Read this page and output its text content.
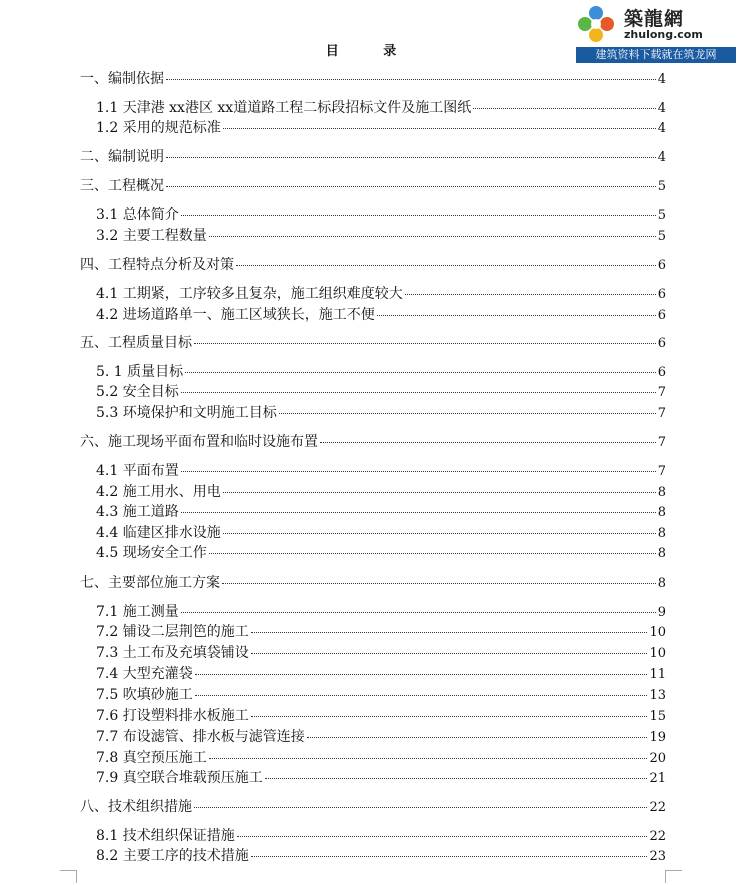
築龍網
zhulong.com
建筑资料下载就在筑龙网
目 录
一、编制依据	4
1.1 天津港 xx港区 xx道道路工程二标段招标文件及施工图纸	4
1.2 采用的规范标准	4
二、编制说明	4
三、工程概况	5
3.1 总体简介	5
3.2 主要工程数量	5
四、工程特点分析及对策	6
4.1 工期紧，工序较多且复杂，施工组织难度较大	6
4.2 进场道路单一、施工区域狭长，施工不便	6
五、工程质量目标	6
5. 1 质量目标	6
5.2 安全目标	7
5.3 环境保护和文明施工目标	7
六、施工现场平面布置和临时设施布置	7
4.1 平面布置	7
4.2 施工用水、用电	8
4.3 施工道路	8
4.4 临建区排水设施	8
4.5 现场安全工作	8
七、主要部位施工方案	8
7.1 施工测量	9
7.2 铺设二层荆笆的施工	10
7.3 土工布及充填袋铺设	10
7.4 大型充灌袋	11
7.5 吹填砂施工	13
7.6 打设塑料排水板施工	15
7.7 布设滤管、排水板与滤管连接	19
7.8 真空预压施工	20
7.9 真空联合堆载预压施工	21
八、技术组织措施	22
8.1 技术组织保证措施	22
8.2 主要工序的技术措施	23
